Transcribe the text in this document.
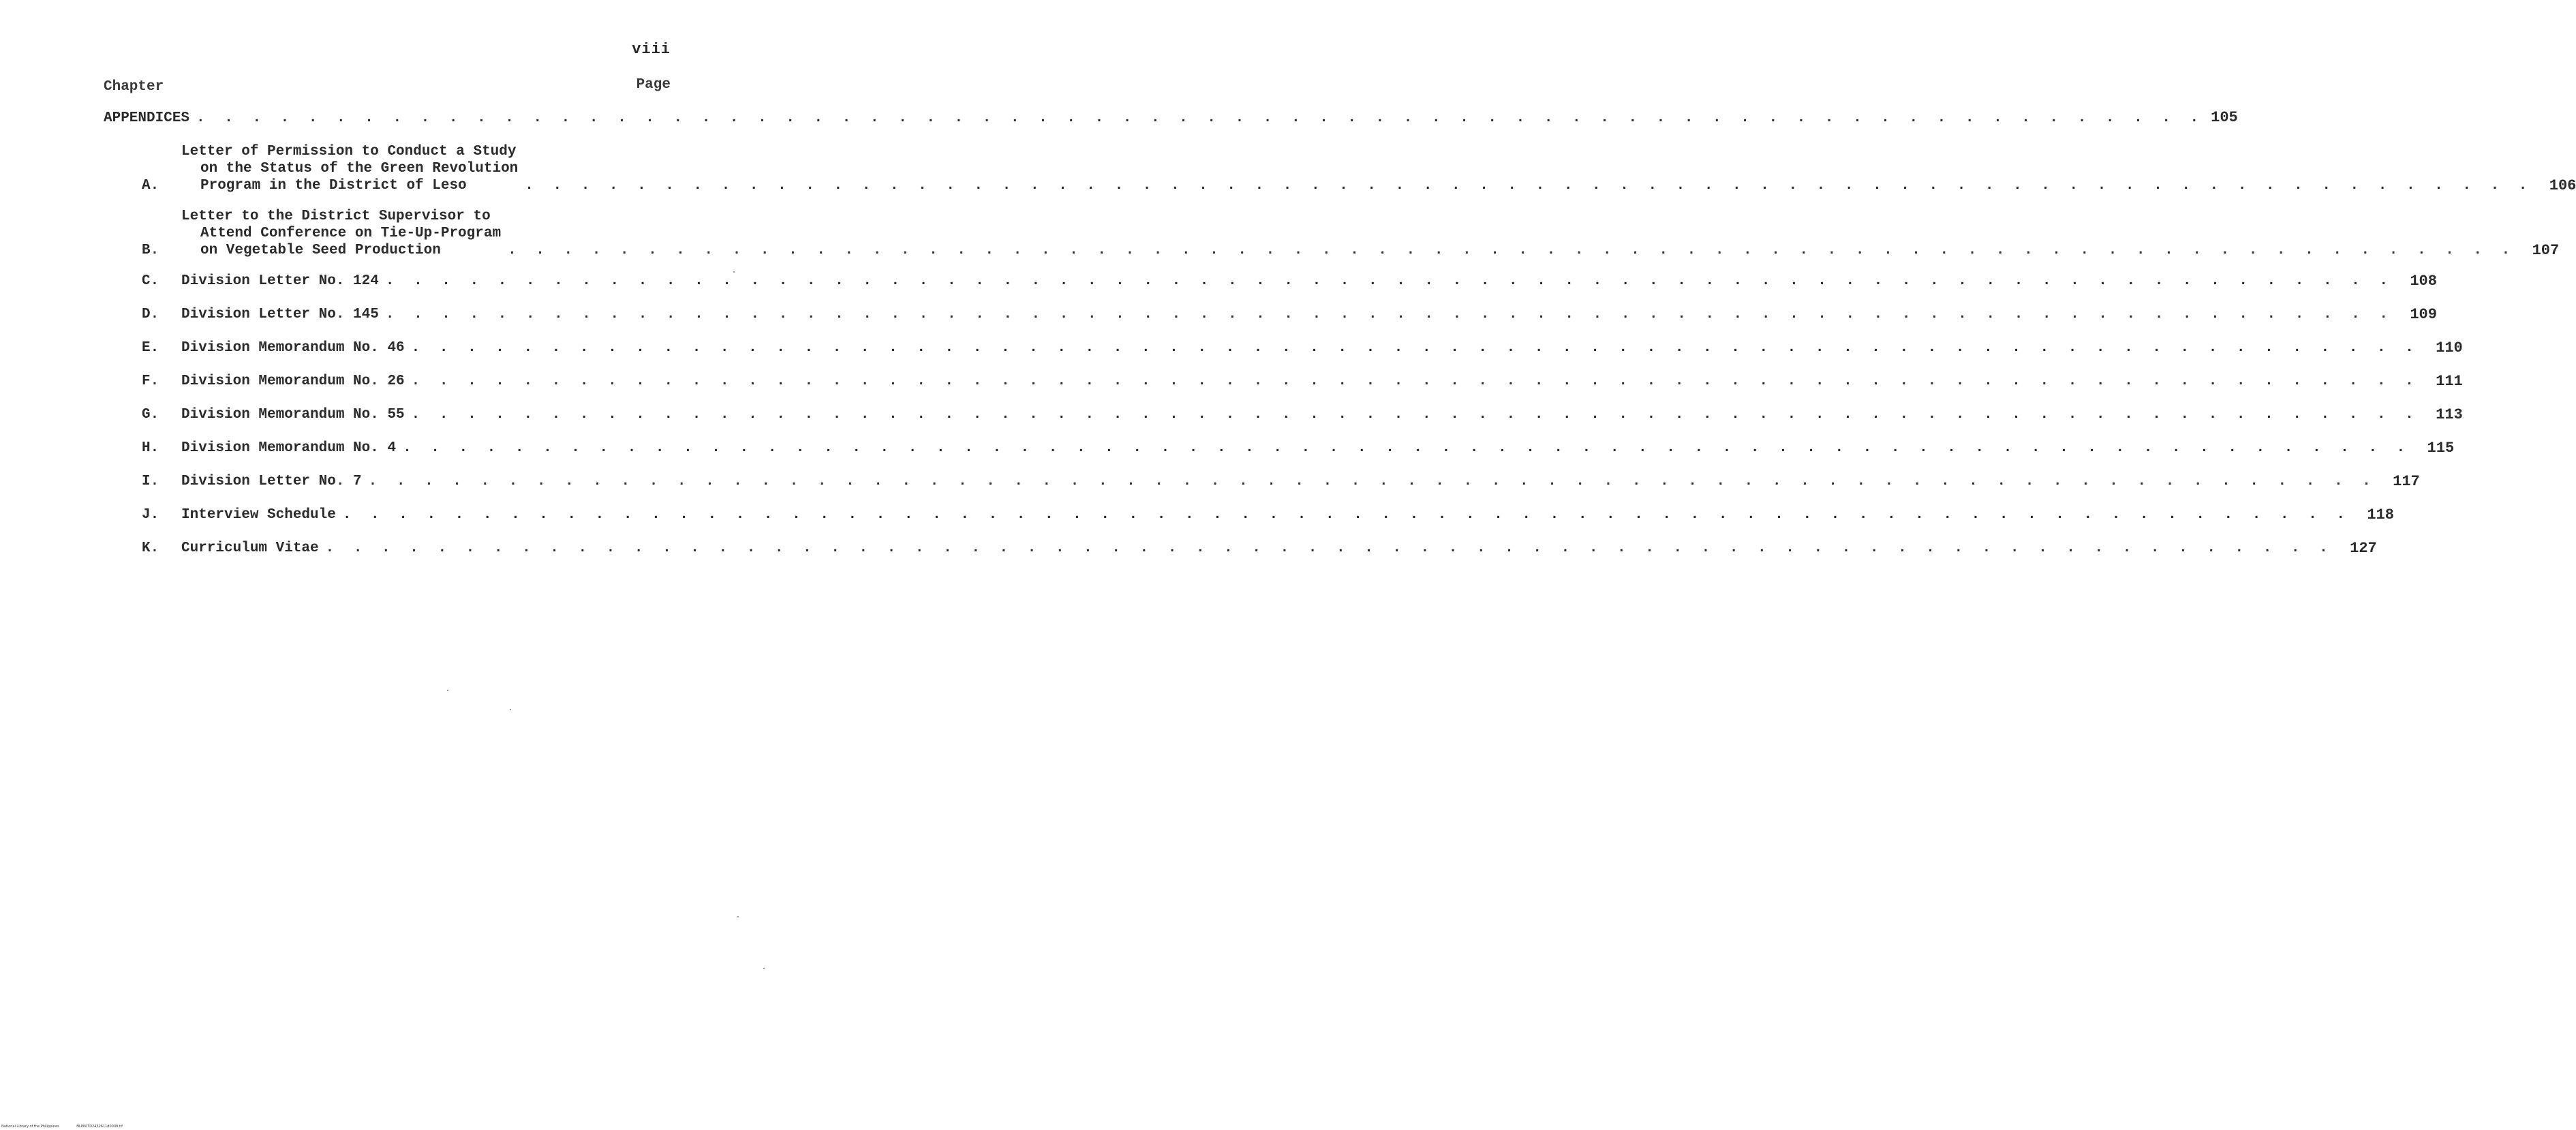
viii
Chapter	Page
APPENDICES . . .	105
A.
Letter of Permission to Conduct a Study
on the Status of the Green Revolution
Program in the District of Leso . . .	106
B.
Letter to the District Supervisor to
Attend Conference on Tie-Up-Program
on Vegetable Seed Production . . .	107
C.	Division Letter No. 124 . . .	108
D.	Division Letter No. 145 . . .	109
E.	Division Memorandum No. 46 . . .	110
F.	Division Memorandum No. 26 . . .	111
G.	Division Memorandum No. 55 . . .	113
H.	Division Memorandum No. 4 . . .	115
I.	Division Letter No. 7 . . .	117
J.	Interview Schedule . . .	118
K.	Curriculum Vitae . . .	127
National Library of the Philippines	NLP00TD2432611d0009.tif
